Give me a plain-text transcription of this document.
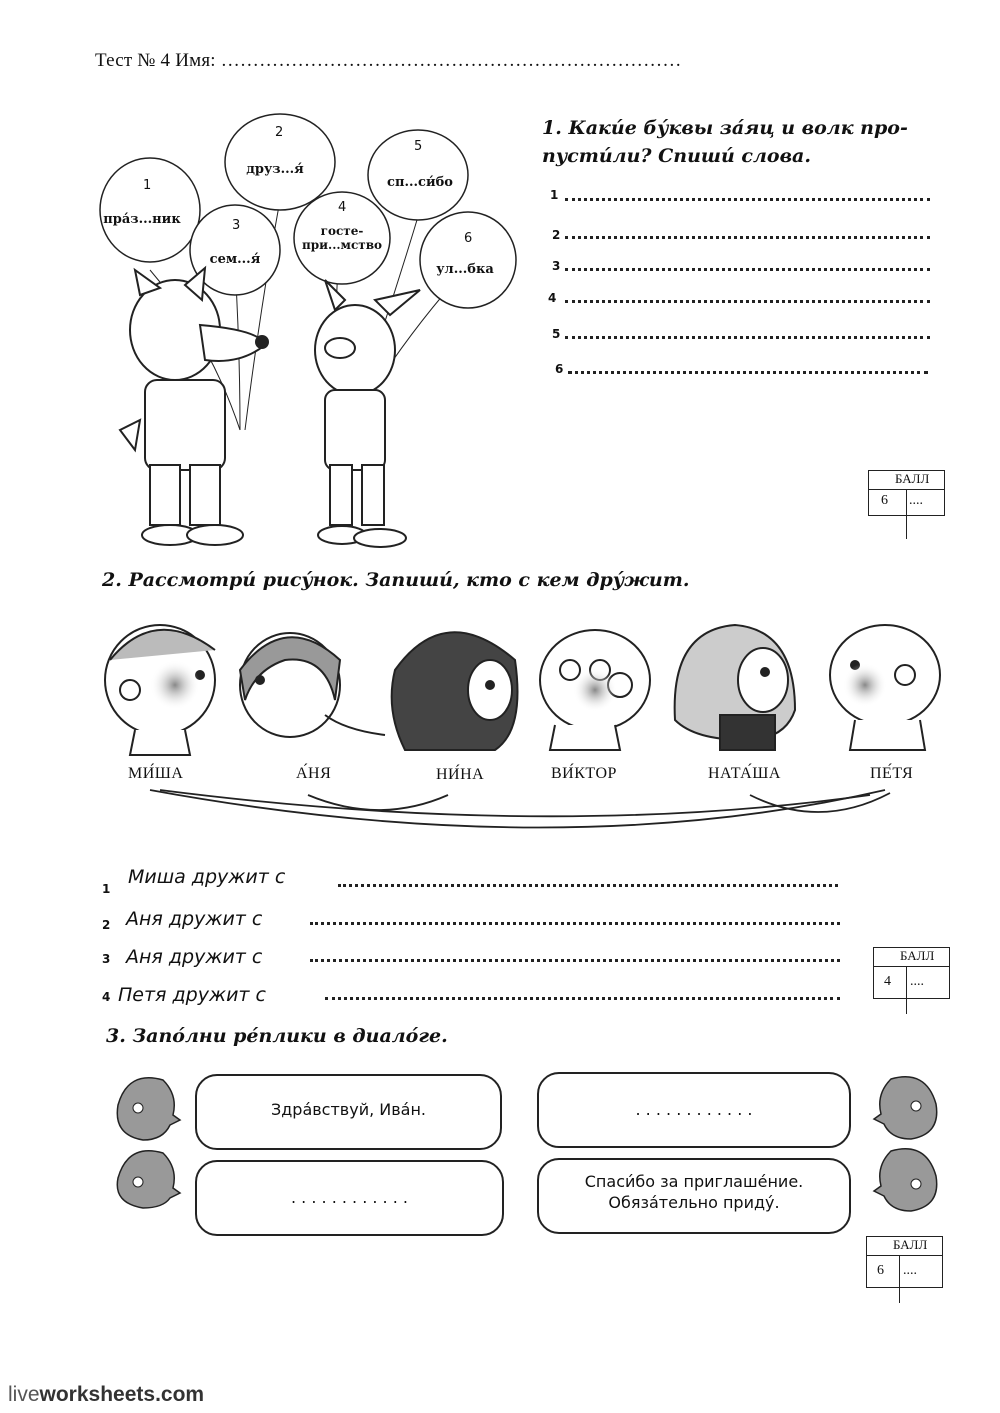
Тест № 4 Имя: ………………………………………………………………
1
пра́з...ник
2
друз...я́
3
сем...я́
4
госте-при...мство
5
сп...си́бо
6
ул...бка
1. Каки́е бу́квы за́яц и волк про-пусти́ли? Спиши́ слова.
1
2
3
4
5
6
БАЛЛ
6 ....
2. Рассмотри́ рису́нок. Запиши́, кто с кем дру́жит.
МИ́ША	А́НЯ	НИ́НА	ВИ́КТОР	НАТА́ША	ПЕ́ТЯ
1
Миша дружит с
2 Аня дружит с
3 Аня дружит с
4 Петя дружит с
БАЛЛ
4 ....
3. Запо́лни ре́плики в диало́ге.
Здра́вствуй, Ива́н.	. . . . . . . . . . . .
. . . . . . . . . . . .
Спаси́бо за приглаше́ние.
Обяза́тельно приду́.
БАЛЛ
6 ....
liveworksheets.com
